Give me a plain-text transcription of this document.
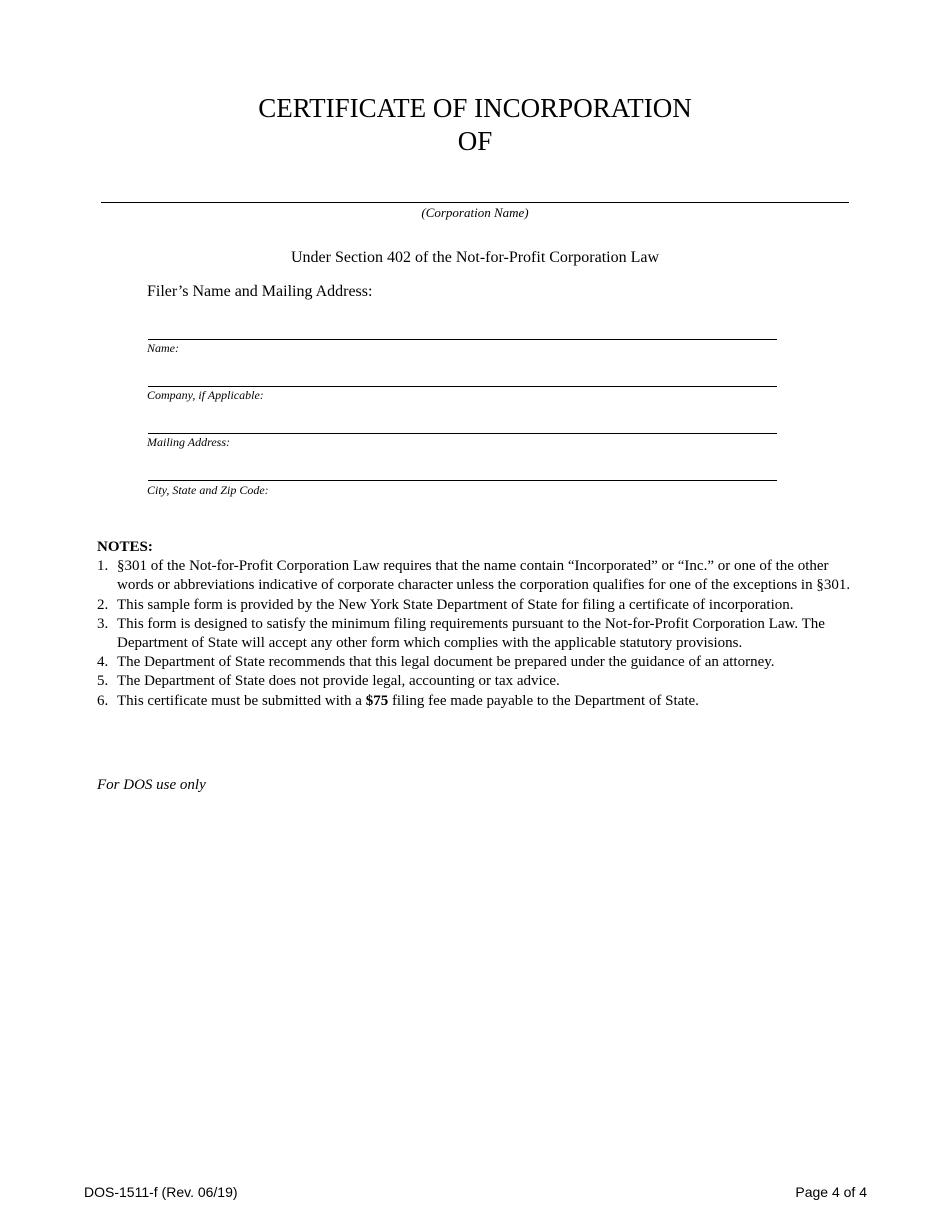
CERTIFICATE OF INCORPORATION
OF
(Corporation Name)
Under Section 402 of the Not-for-Profit Corporation Law
Filer’s Name and Mailing Address:
Name:
Company, if Applicable:
Mailing Address:
City, State and Zip Code:
NOTES:
1. §301 of the Not-for-Profit Corporation Law requires that the name contain “Incorporated” or “Inc.” or one of the other words or abbreviations indicative of corporate character unless the corporation qualifies for one of the exceptions in §301.
2. This sample form is provided by the New York State Department of State for filing a certificate of incorporation.
3. This form is designed to satisfy the minimum filing requirements pursuant to the Not-for-Profit Corporation Law. The Department of State will accept any other form which complies with the applicable statutory provisions.
4. The Department of State recommends that this legal document be prepared under the guidance of an attorney.
5. The Department of State does not provide legal, accounting or tax advice.
6. This certificate must be submitted with a $75 filing fee made payable to the Department of State.
For DOS use only
DOS-1511-f (Rev. 06/19)	Page 4 of 4
